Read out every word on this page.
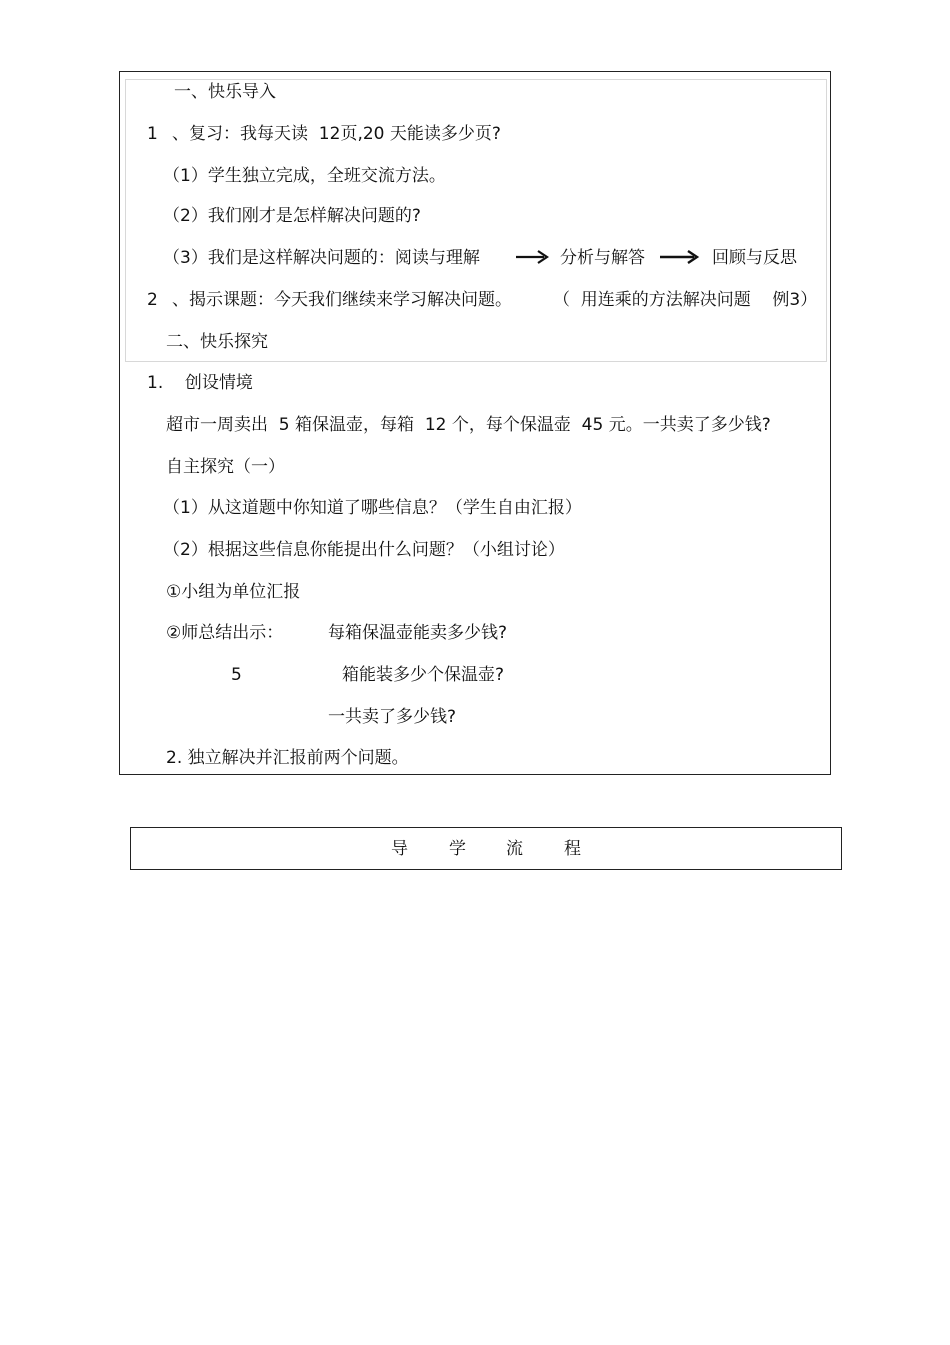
一、快乐导入
1 、复习：我每天读  12页,20 天能读多少页?
（1）学生独立完成，全班交流方法。
（2）我们刚才是怎样解决问题的?
（3）我们是这样解决问题的：阅读与理解	分析与解答	回顾与反思
2 、揭示课题：今天我们继续来学习解决问题。 （  用连乘的方法解决问题    例3）
二、快乐探究
1.    创设情境
超市一周卖出  5 箱保温壶，每箱  12 个，每个保温壶  45 元。一共卖了多少钱?
自主探究（一）
（1）从这道题中你知道了哪些信息？（学生自由汇报）
（2）根据这些信息你能提出什么问题？（小组讨论）
①小组为单位汇报
②师总结出示：	每箱保温壶能卖多少钱?
5	箱能装多少个保温壶?
一共卖了多少钱?
2. 独立解决并汇报前两个问题。
导 学 流 程
